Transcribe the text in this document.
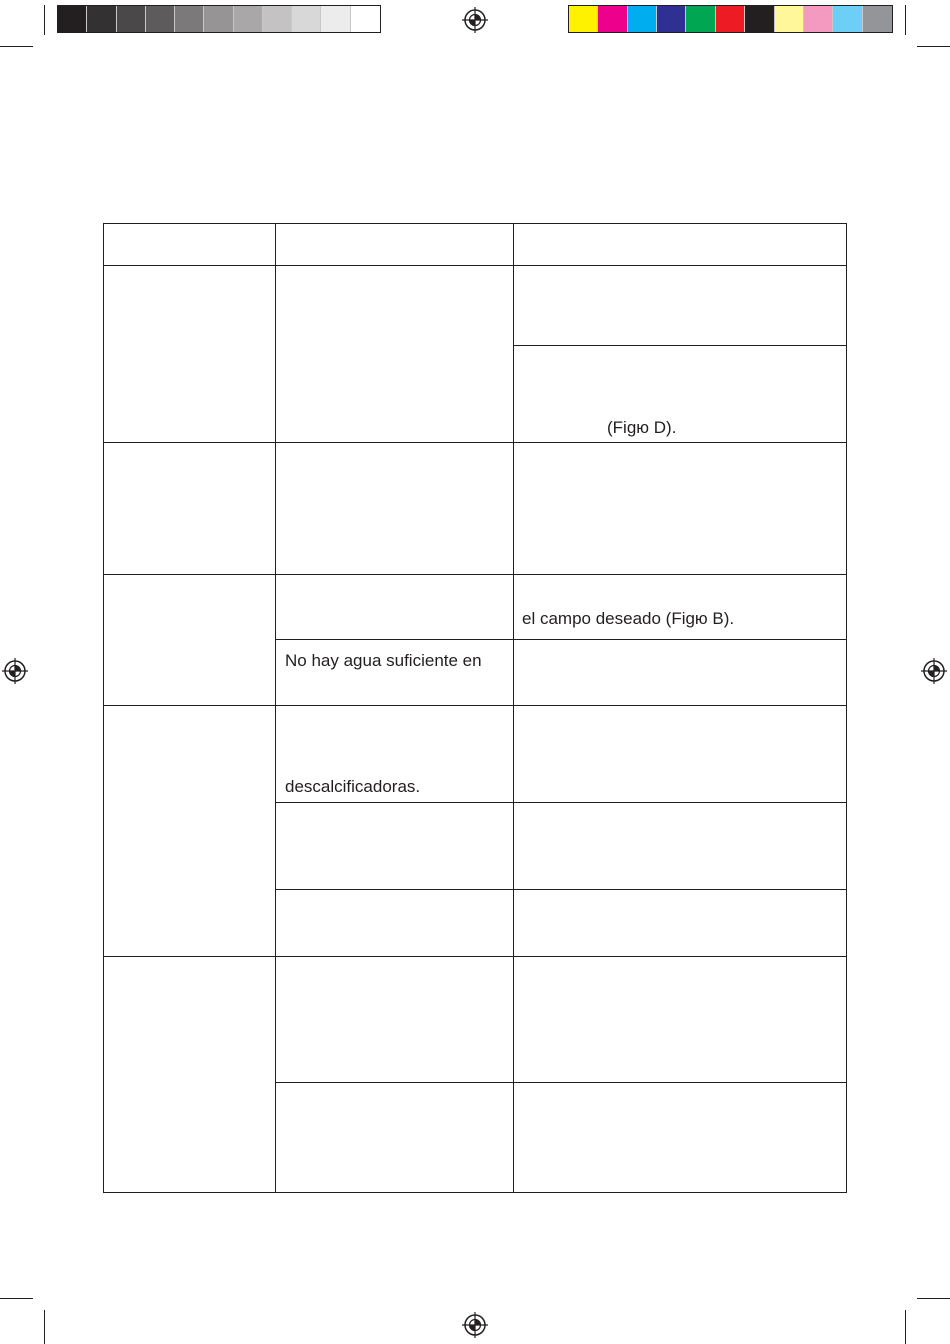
(Figю D).
el campo deseado (Figю B).
No hay agua suficiente en
descalcificadoras.
